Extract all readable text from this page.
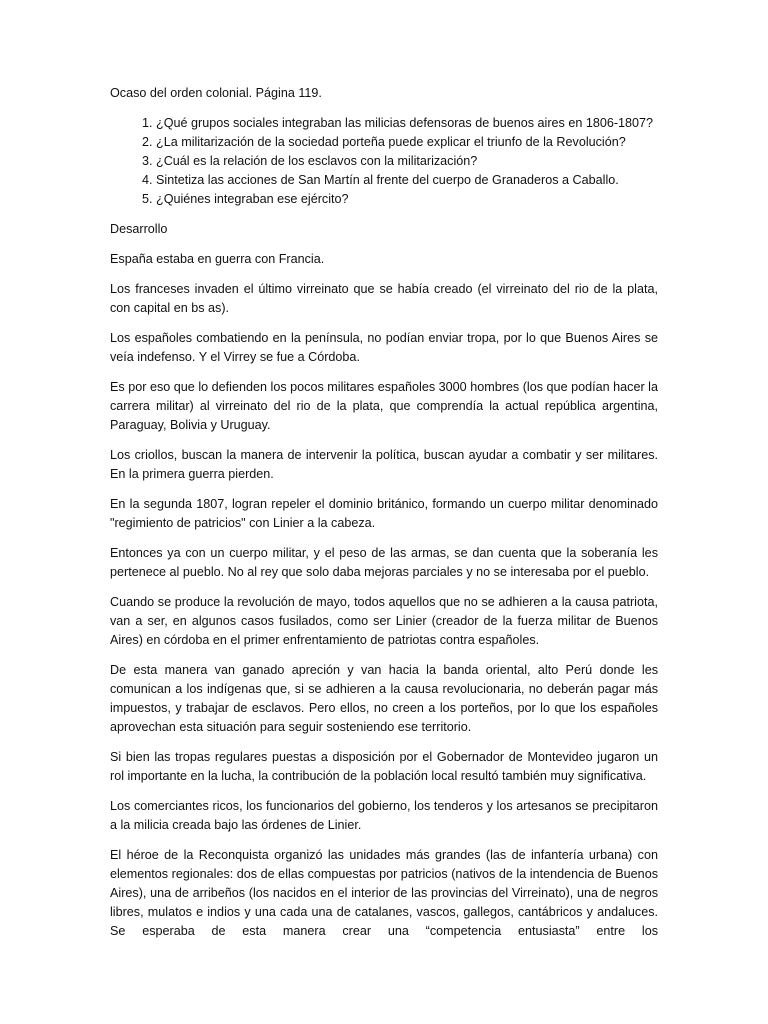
Ocaso del orden colonial. Página 119.

1. ¿Qué grupos sociales integraban las milicias defensoras de buenos aires en 1806-1807?
2. ¿La militarización de la sociedad porteña puede explicar el triunfo de la Revolución?
3. ¿Cuál es la relación de los esclavos con la militarización?
4. Sintetiza las acciones de San Martín al frente del cuerpo de Granaderos a Caballo.
5. ¿Quiénes integraban ese ejército?

Desarrollo

España estaba en guerra con Francia.

Los franceses invaden el último virreinato que se había creado (el virreinato del rio de la plata, con capital en bs as).

Los españoles combatiendo en la península, no podían enviar tropa, por lo que Buenos Aires se veía indefenso. Y el Virrey se fue a Córdoba.

Es por eso que lo defienden los pocos militares españoles 3000 hombres (los que podían hacer la carrera militar) al virreinato del rio de la plata, que comprendía la actual república argentina, Paraguay, Bolivia y Uruguay.

Los criollos, buscan la manera de intervenir la política, buscan ayudar a combatir y ser militares. En la primera guerra pierden.

En la segunda 1807, logran repeler el dominio británico, formando un cuerpo militar denominado "regimiento de patricios" con Linier a la cabeza.

Entonces ya con un cuerpo militar, y el peso de las armas, se dan cuenta que la soberanía les pertenece al pueblo. No al rey que solo daba mejoras parciales y no se interesaba por el pueblo.

Cuando se produce la revolución de mayo, todos aquellos que no se adhieren a la causa patriota, van a ser, en algunos casos fusilados, como ser Linier (creador de la fuerza militar de Buenos Aires) en córdoba en el primer enfrentamiento de patriotas contra españoles.

De esta manera van ganado apreción y van hacia la banda oriental, alto Perú donde les comunican a los indígenas que, si se adhieren a la causa revolucionaria, no deberán pagar más impuestos, y trabajar de esclavos. Pero ellos, no creen a los porteños, por lo que los españoles aprovechan esta situación para seguir sosteniendo ese territorio.

Si bien las tropas regulares puestas a disposición por el Gobernador de Montevideo jugaron un rol importante en la lucha, la contribución de la población local resultó también muy significativa.

Los comerciantes ricos, los funcionarios del gobierno, los tenderos y los artesanos se precipitaron a la milicia creada bajo las órdenes de Linier.

El héroe de la Reconquista organizó las unidades más grandes (las de infantería urbana) con elementos regionales: dos de ellas compuestas por patricios (nativos de la intendencia de Buenos Aires), una de arribeños (los nacidos en el interior de las provincias del Virreinato), una de negros libres, mulatos e indios y una cada una de catalanes, vascos, gallegos, cantábricos y andaluces. Se esperaba de esta manera crear una “competencia entusiasta” entre los
